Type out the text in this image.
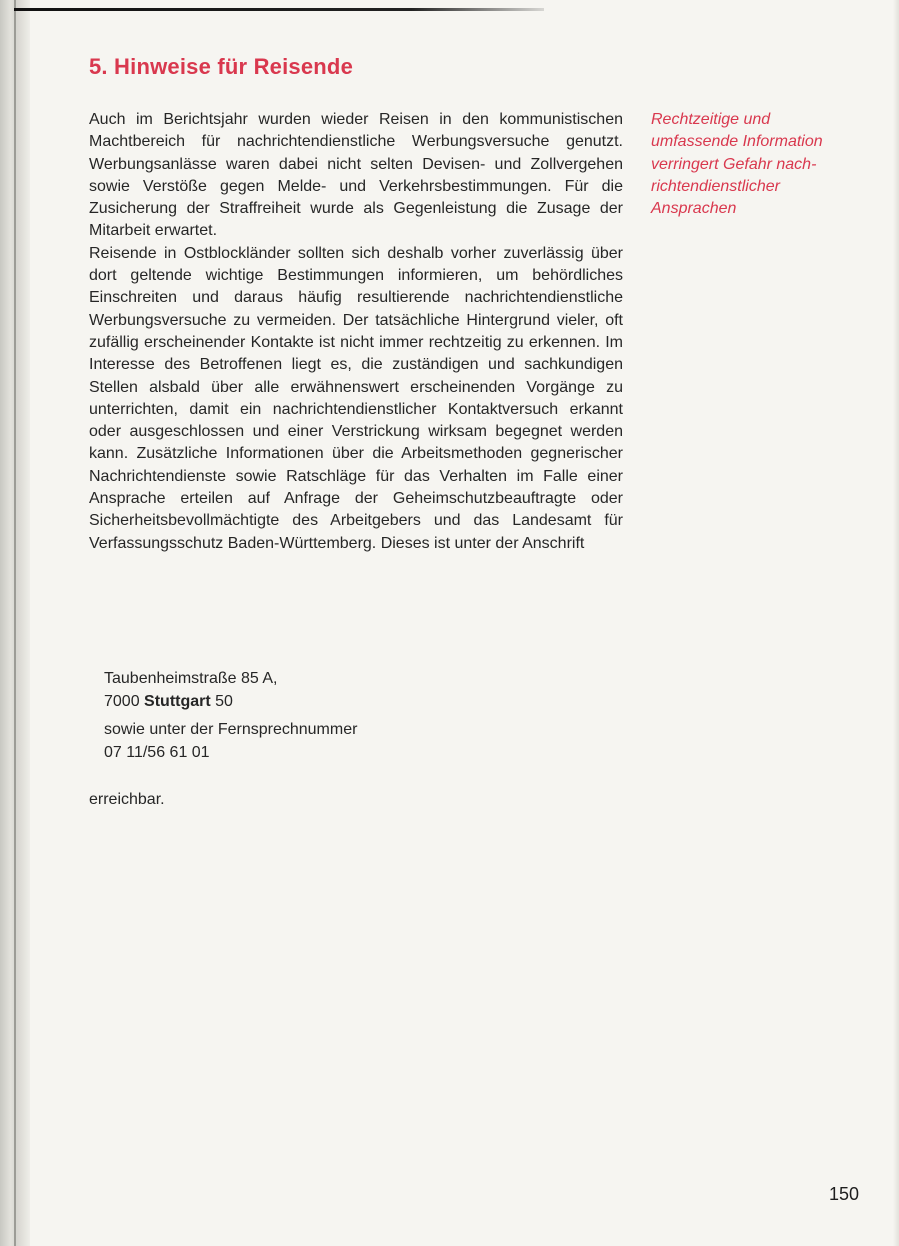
5. Hinweise für Reisende

Auch im Berichtsjahr wurden wieder Reisen in den kommunistischen Machtbereich für nachrichtendienstliche Werbungsversuche genutzt. Werbungsanlässe waren dabei nicht selten Devisen- und Zollvergehen sowie Verstöße gegen Melde- und Verkehrsbestimmungen. Für die Zusicherung der Straffreiheit wurde als Gegenleistung die Zusage der Mitarbeit erwartet.

Reisende in Ostblockländer sollten sich deshalb vorher zuverlässig über dort geltende wichtige Bestimmungen informieren, um behördliches Einschreiten und daraus häufig resultierende nachrichtendienstliche Werbungsversuche zu vermeiden. Der tatsächliche Hintergrund vieler, oft zufällig erscheinender Kontakte ist nicht immer rechtzeitig zu erkennen. Im Interesse des Betroffenen liegt es, die zuständigen und sachkundigen Stellen alsbald über alle erwähnenswert erscheinenden Vorgänge zu unterrichten, damit ein nachrichtendienstlicher Kontaktversuch erkannt oder ausgeschlossen und einer Verstrickung wirksam begegnet werden kann. Zusätzliche Informationen über die Arbeitsmethoden gegnerischer Nachrichtendienste sowie Ratschläge für das Verhalten im Falle einer Ansprache erteilen auf Anfrage der Geheimschutzbeauftragte oder Sicherheitsbevollmächtigte des Arbeitgebers und das Landesamt für Verfassungsschutz Baden-Württemberg. Dieses ist unter der Anschrift

Rechtzeitige und
umfassende Information
verringert Gefahr nach-
richtendienstlicher
Ansprachen
Taubenheimstraße 85 A,
7000 Stuttgart 50
sowie unter der Fernsprechnummer
07 11/56 61 01
erreichbar.
150
